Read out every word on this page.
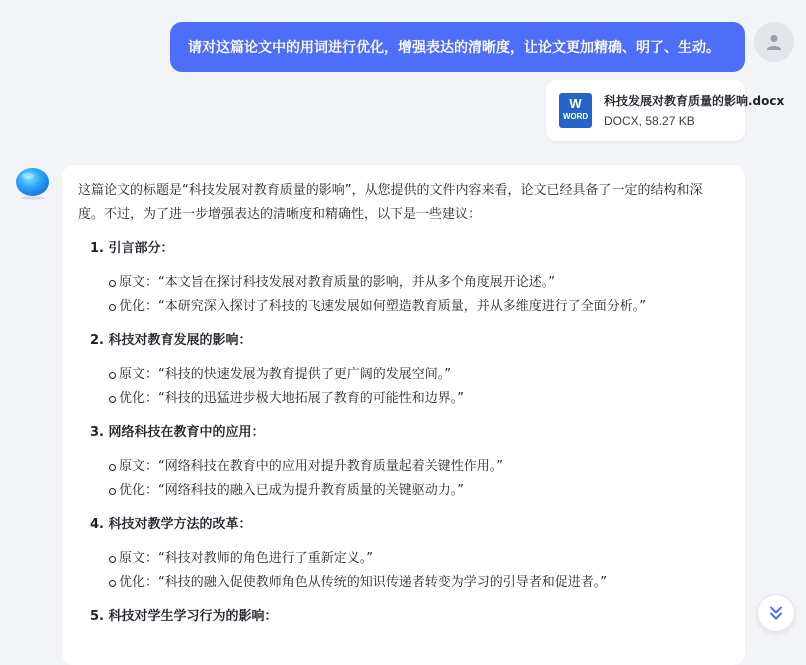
请对这篇论文中的用词进行优化，增强表达的清晰度，让论文更加精确、明了、生动。
W
WORD
科技发展对教育质量的影响.docx
DOCX, 58.27 KB

这篇论文的标题是“科技发展对教育质量的影响”，从您提供的文件内容来看，论文已经具备了一定的结构和深度。不过，为了进一步增强表达的清晰度和精确性，以下是一些建议：

1. 引言部分：
原文：“本文旨在探讨科技发展对教育质量的影响，并从多个角度展开论述。”
优化：“本研究深入探讨了科技的飞速发展如何塑造教育质量，并从多维度进行了全面分析。”
2. 科技对教育发展的影响：
原文：“科技的快速发展为教育提供了更广阔的发展空间。”
优化：“科技的迅猛进步极大地拓展了教育的可能性和边界。”
3. 网络科技在教育中的应用：
原文：“网络科技在教育中的应用对提升教育质量起着关键性作用。”
优化：“网络科技的融入已成为提升教育质量的关键驱动力。”
4. 科技对教学方法的改革：
原文：“科技对教师的角色进行了重新定义。”
优化：“科技的融入促使教师角色从传统的知识传递者转变为学习的引导者和促进者。”
5. 科技对学生学习行为的影响：
